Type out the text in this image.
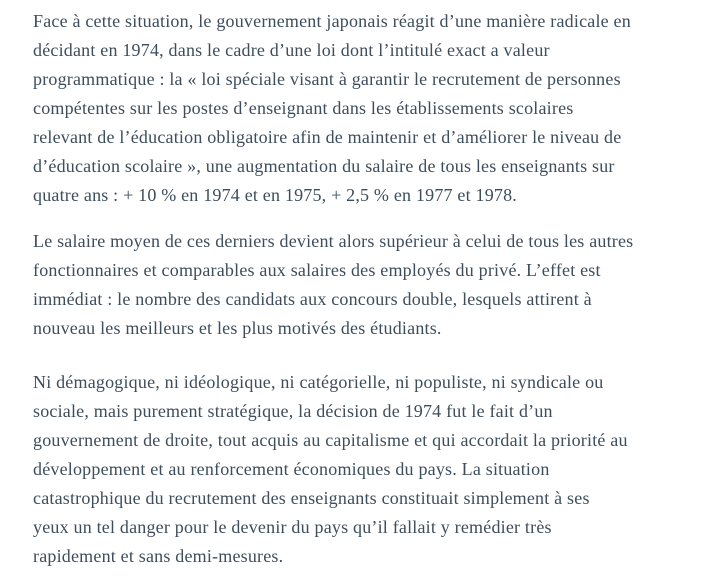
Face à cette situation, le gouvernement japonais réagit d’une manière radicale en
décidant en 1974, dans le cadre d’une loi dont l’intitulé exact a valeur
programmatique : la « loi spéciale visant à garantir le recrutement de personnes
compétentes sur les postes d’enseignant dans les établissements scolaires
relevant de l’éducation obligatoire afin de maintenir et d’améliorer le niveau de
d’éducation scolaire », une augmentation du salaire de tous les enseignants sur
quatre ans : + 10 % en 1974 et en 1975, + 2,5 % en 1977 et 1978.
Le salaire moyen de ces derniers devient alors supérieur à celui de tous les autres
fonctionnaires et comparables aux salaires des employés du privé. L’effet est
immédiat : le nombre des candidats aux concours double, lesquels attirent à
nouveau les meilleurs et les plus motivés des étudiants.
Ni démagogique, ni idéologique, ni catégorielle, ni populiste, ni syndicale ou
sociale, mais purement stratégique, la décision de 1974 fut le fait d’un
gouvernement de droite, tout acquis au capitalisme et qui accordait la priorité au
développement et au renforcement économiques du pays. La situation
catastrophique du recrutement des enseignants constituait simplement à ses
yeux un tel danger pour le devenir du pays qu’il fallait y remédier très
rapidement et sans demi-mesures.
